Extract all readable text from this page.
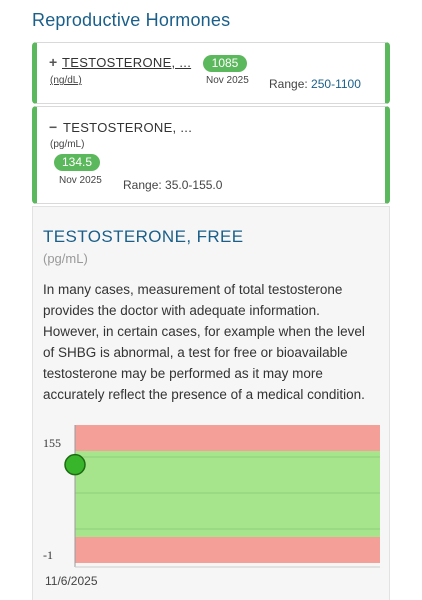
Reproductive Hormones
+ TESTOSTERONE, ...
(ng/dL)
1085
Nov 2025 Range: 250-1100
− TESTOSTERONE, ...
(pg/mL)
134.5
Nov 2025 Range: 35.0-155.0
TESTOSTERONE, FREE
(pg/mL)
In many cases, measurement of total testosterone provides the doctor with adequate information. However, in certain cases, for example when the level of SHBG is abnormal, a test for free or bioavailable testosterone may be performed as it may more accurately reflect the presence of a medical condition.
155
-1
11/6/2025
